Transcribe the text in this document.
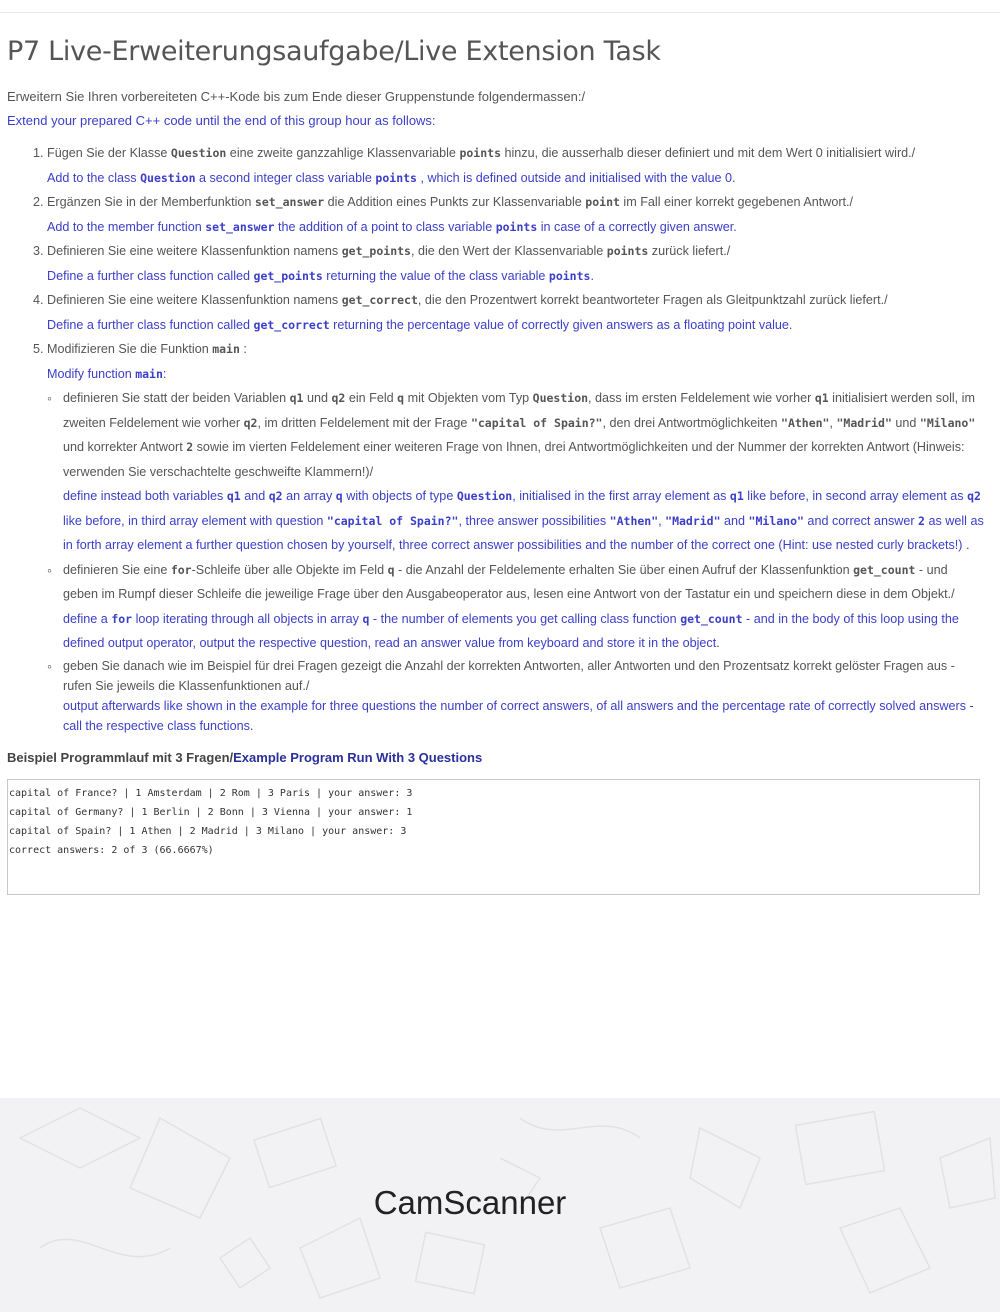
P7 Live-Erweiterungsaufgabe/Live Extension Task
Erweitern Sie Ihren vorbereiteten C++-Kode bis zum Ende dieser Gruppenstunde folgendermassen:/
Extend your prepared C++ code until the end of this group hour as follows:
1. Fügen Sie der Klasse Question eine zweite ganzzahlige Klassenvariable points hinzu, die ausserhalb dieser definiert und mit dem Wert 0 initialisiert wird./
Add to the class Question a second integer class variable points , which is defined outside and initialised with the value 0.
2. Ergänzen Sie in der Memberfunktion set_answer die Addition eines Punkts zur Klassenvariable point im Fall einer korrekt gegebenen Antwort./
Add to the member function set_answer the addition of a point to class variable points in case of a correctly given answer.
3. Definieren Sie eine weitere Klassenfunktion namens get_points, die den Wert der Klassenvariable points zurück liefert./
Define a further class function called get_points returning the value of the class variable points.
4. Definieren Sie eine weitere Klassenfunktion namens get_correct, die den Prozentwert korrekt beantworteter Fragen als Gleitpunktzahl zurück liefert./
Define a further class function called get_correct returning the percentage value of correctly given answers as a floating point value.
5. Modifizieren Sie die Funktion main :
Modify function main:
◦ definieren Sie statt der beiden Variablen q1 und q2 ein Feld q mit Objekten vom Typ Question, dass im ersten Feldelement wie vorher q1 initialisiert werden soll, im zweiten Feldelement wie vorher q2, im dritten Feldelement mit der Frage "capital of Spain?", den drei Antwortmöglichkeiten "Athen", "Madrid" und "Milano" und korrekter Antwort 2 sowie im vierten Feldelement einer weiteren Frage von Ihnen, drei Antwortmöglichkeiten und der Nummer der korrekten Antwort (Hinweis: verwenden Sie verschachtelte geschweifte Klammern!)/
define instead both variables q1 and q2 an array q with objects of type Question, initialised in the first array element as q1 like before, in second array element as q2 like before, in third array element with question "capital of Spain?", three answer possibilities "Athen", "Madrid" and "Milano" and correct answer 2 as well as in forth array element a further question chosen by yourself, three correct answer possibilities and the number of the correct one (Hint: use nested curly brackets!) .
◦ definieren Sie eine for-Schleife über alle Objekte im Feld q - die Anzahl der Feldelemente erhalten Sie über einen Aufruf der Klassenfunktion get_count - und geben im Rumpf dieser Schleife die jeweilige Frage über den Ausgabeoperator aus, lesen eine Antwort von der Tastatur ein und speichern diese in dem Objekt./
define a for loop iterating through all objects in array q - the number of elements you get calling class function get_count - and in the body of this loop using the defined output operator, output the respective question, read an answer value from keyboard and store it in the object.
◦ geben Sie danach wie im Beispiel für drei Fragen gezeigt die Anzahl der korrekten Antworten, aller Antworten und den Prozentsatz korrekt gelöster Fragen aus - rufen Sie jeweils die Klassenfunktionen auf./
output afterwards like shown in the example for three questions the number of correct answers, of all answers and the percentage rate of correctly solved answers - call the respective class functions.
Beispiel Programmlauf mit 3 Fragen/Example Program Run With 3 Questions
capital of France? | 1 Amsterdam | 2 Rom | 3 Paris | your answer: 3
capital of Germany? | 1 Berlin | 2 Bonn | 3 Vienna | your answer: 1
capital of Spain? | 1 Athen | 2 Madrid | 3 Milano | your answer: 3
correct answers: 2 of 3 (66.6667%)
CamScanner
